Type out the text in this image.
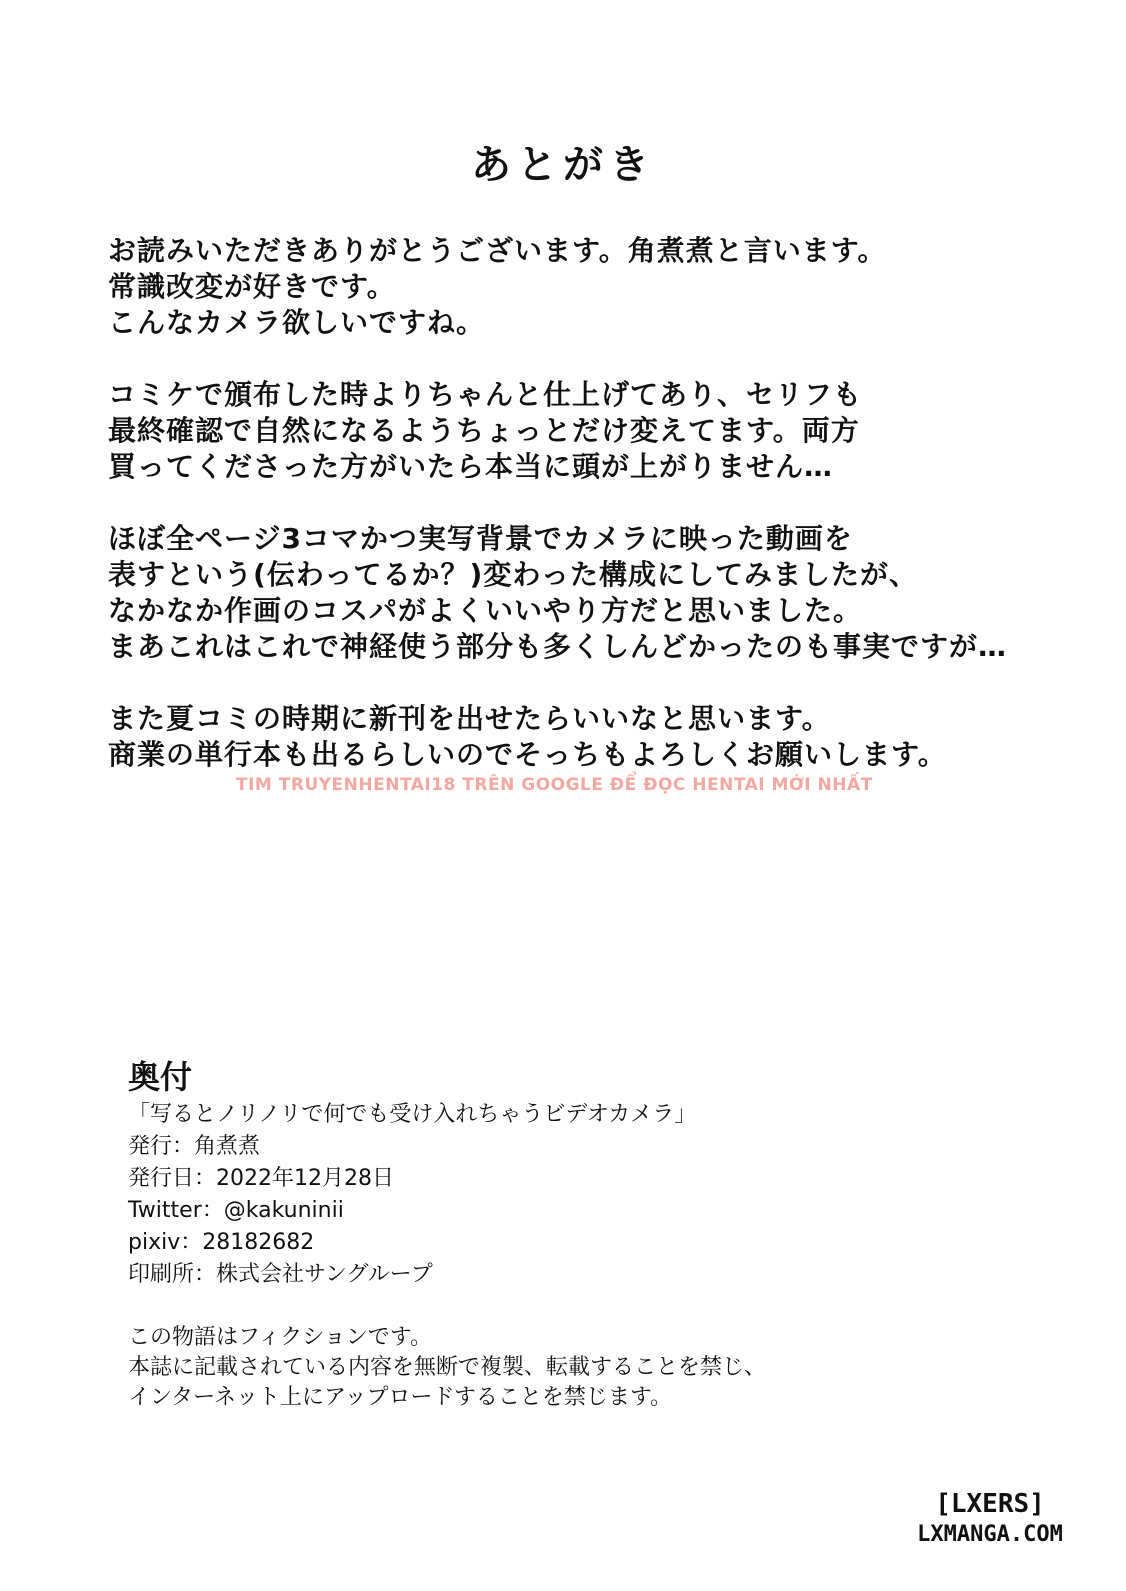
あとがき
お読みいただきありがとうございます。角煮煮と言います。
常識改変が好きです。
こんなカメラ欲しいですね。
コミケで頒布した時よりちゃんと仕上げてあり、セリフも
最終確認で自然になるようちょっとだけ変えてます。両方
買ってくださった方がいたら本当に頭が上がりません…
ほぼ全ページ3コマかつ実写背景でカメラに映った動画を
表すという(伝わってるか？)変わった構成にしてみましたが、
なかなか作画のコスパがよくいいやり方だと思いました。
まあこれはこれで神経使う部分も多くしんどかったのも事実ですが…
また夏コミの時期に新刊を出せたらいいなと思います。
商業の単行本も出るらしいのでそっちもよろしくお願いします。
TIM TRUYENHENTAI18 TRÊN GOOGLE ĐỂ ĐỌC HENTAI MỚI NHẤT
奥付
「写るとノリノリで何でも受け入れちゃうビデオカメラ」
発行：角煮煮
発行日：2022年12月28日
Twitter：@kakuninii
pixiv：28182682
印刷所：株式会社サングループ
この物語はフィクションです。
本誌に記載されている内容を無断で複製、転載することを禁じ、
インターネット上にアップロードすることを禁じます。
[LXERS]
LXMANGA.COM
